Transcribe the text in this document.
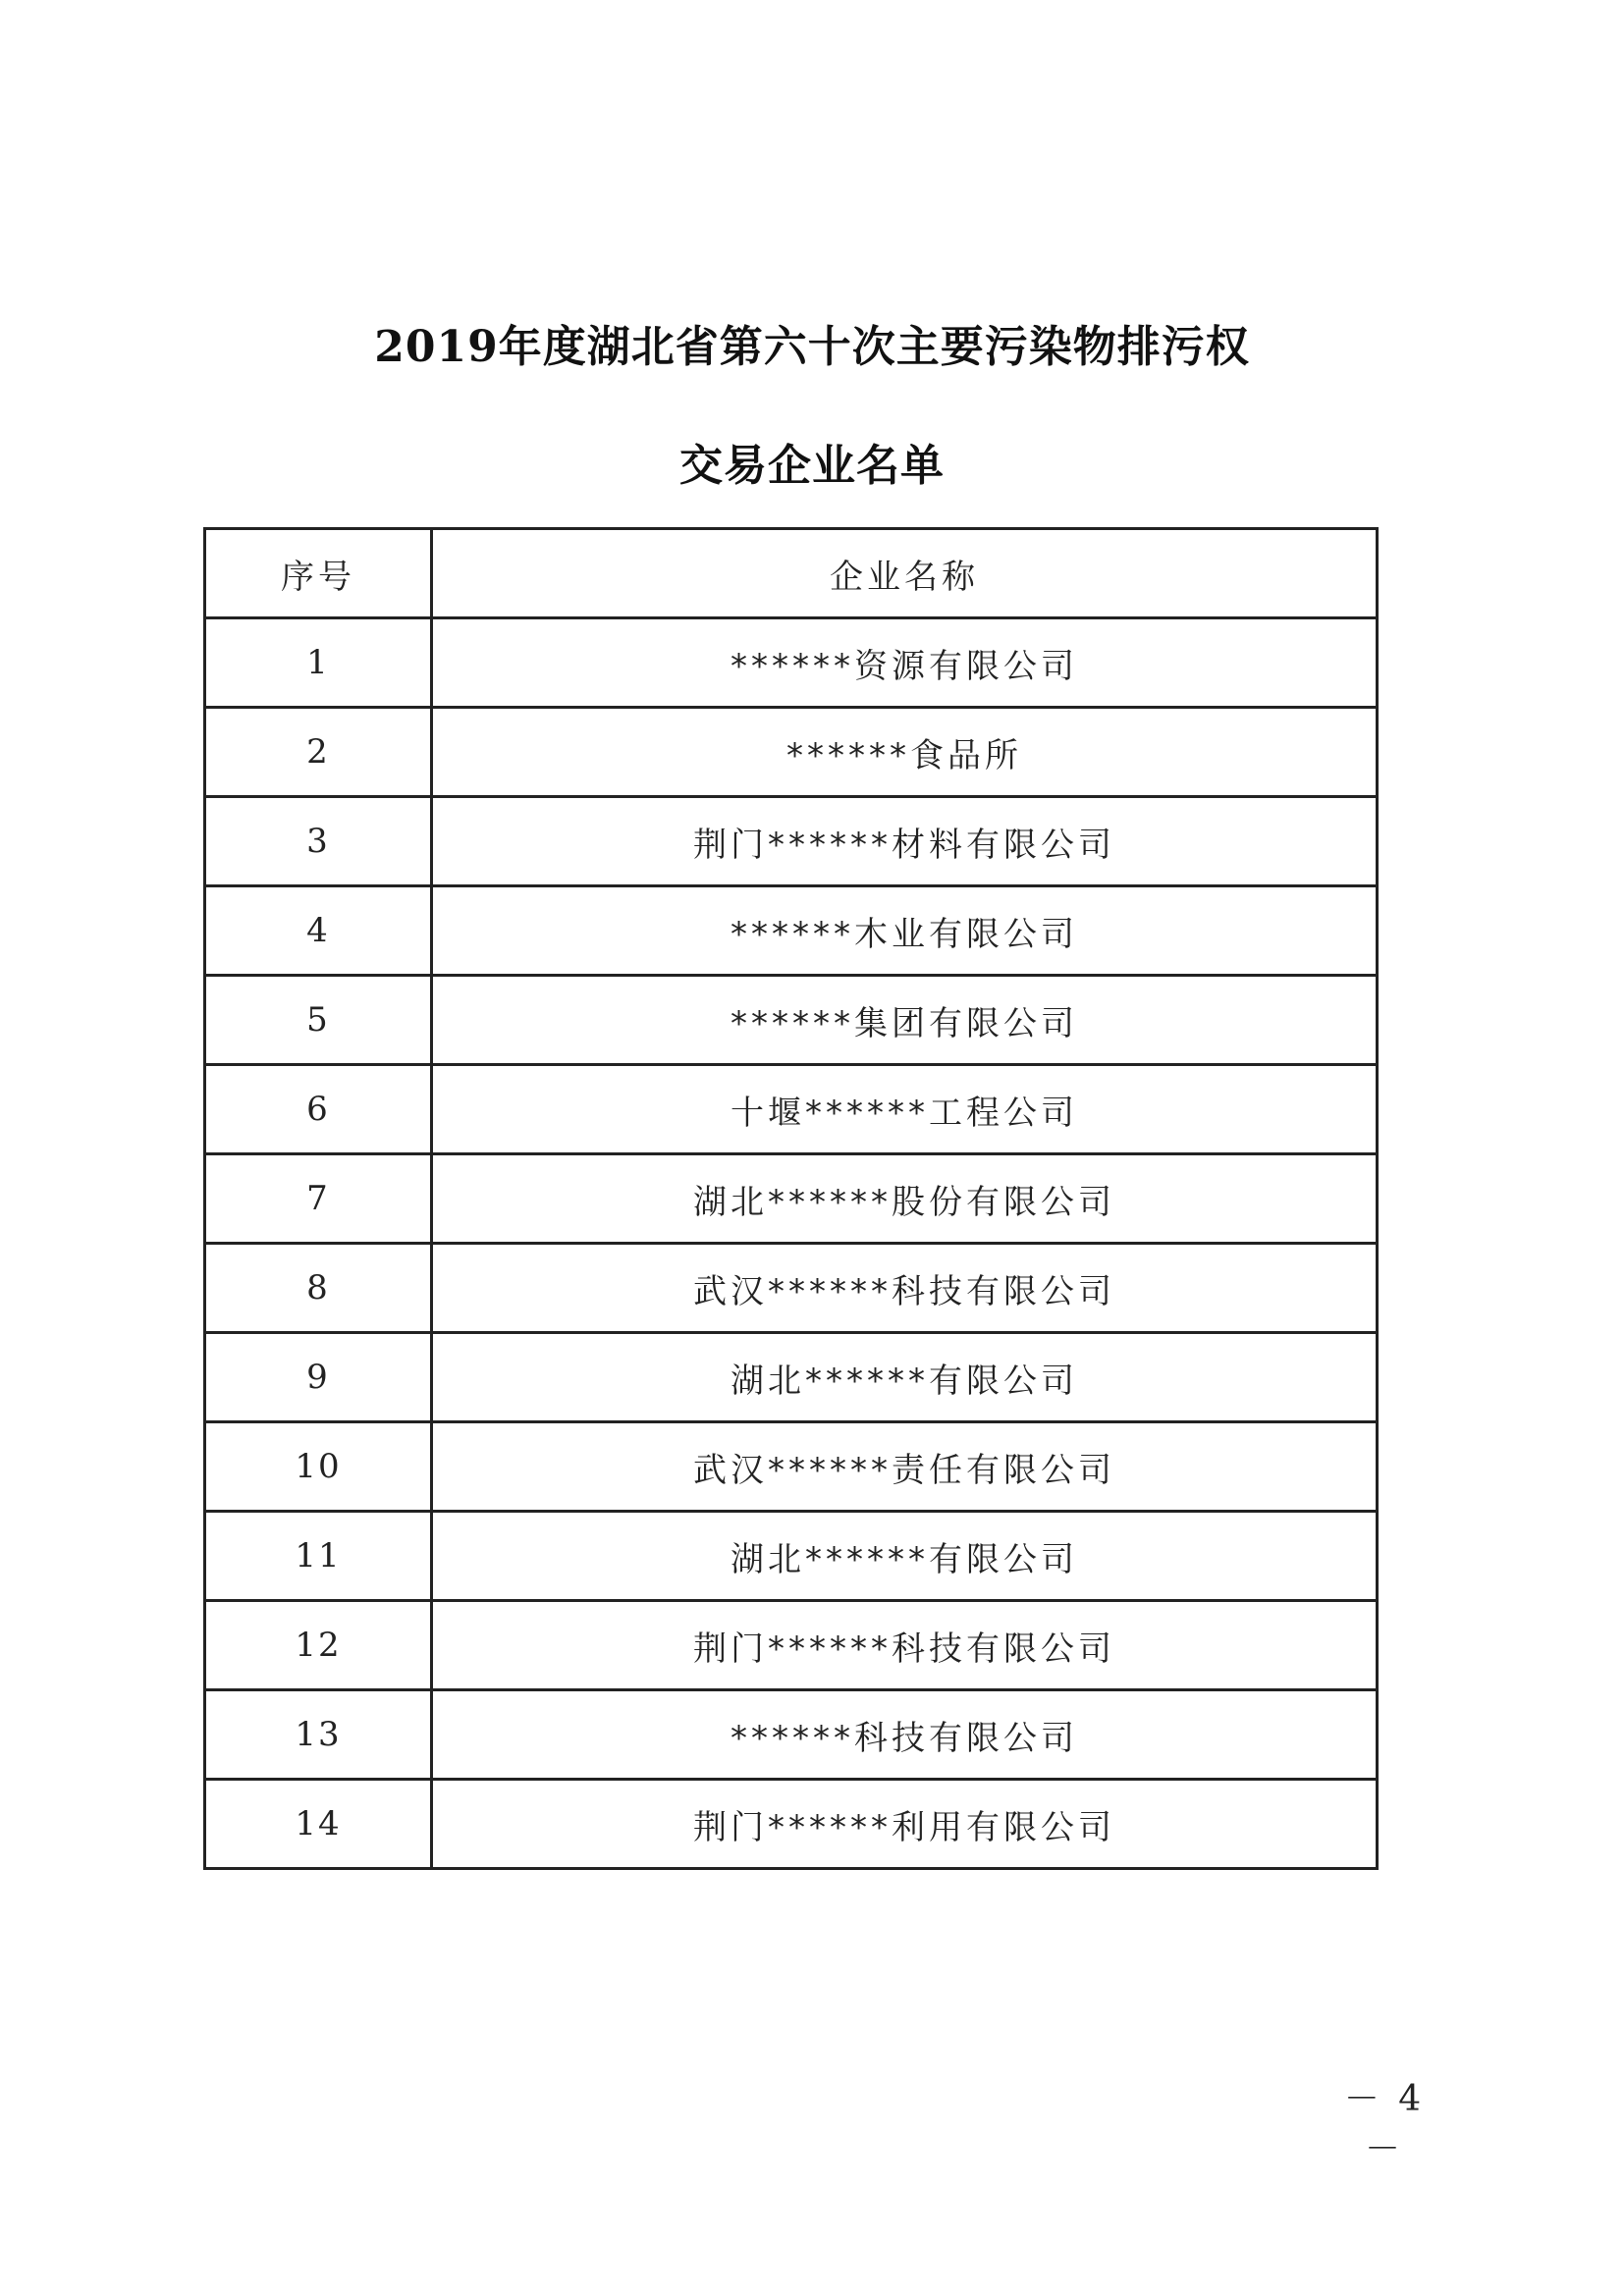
2019年度湖北省第六十次主要污染物排污权
交易企业名单
序号	企业名称
1	******资源有限公司
2	******食品所
3	荆门******材料有限公司
4	******木业有限公司
5	******集团有限公司
6	十堰******工程公司
7	湖北******股份有限公司
8	武汉******科技有限公司
9	湖北******有限公司
10	武汉******责任有限公司
11	湖北******有限公司
12	荆门******科技有限公司
13	******科技有限公司
14	荆门******利用有限公司
－ 4 －
